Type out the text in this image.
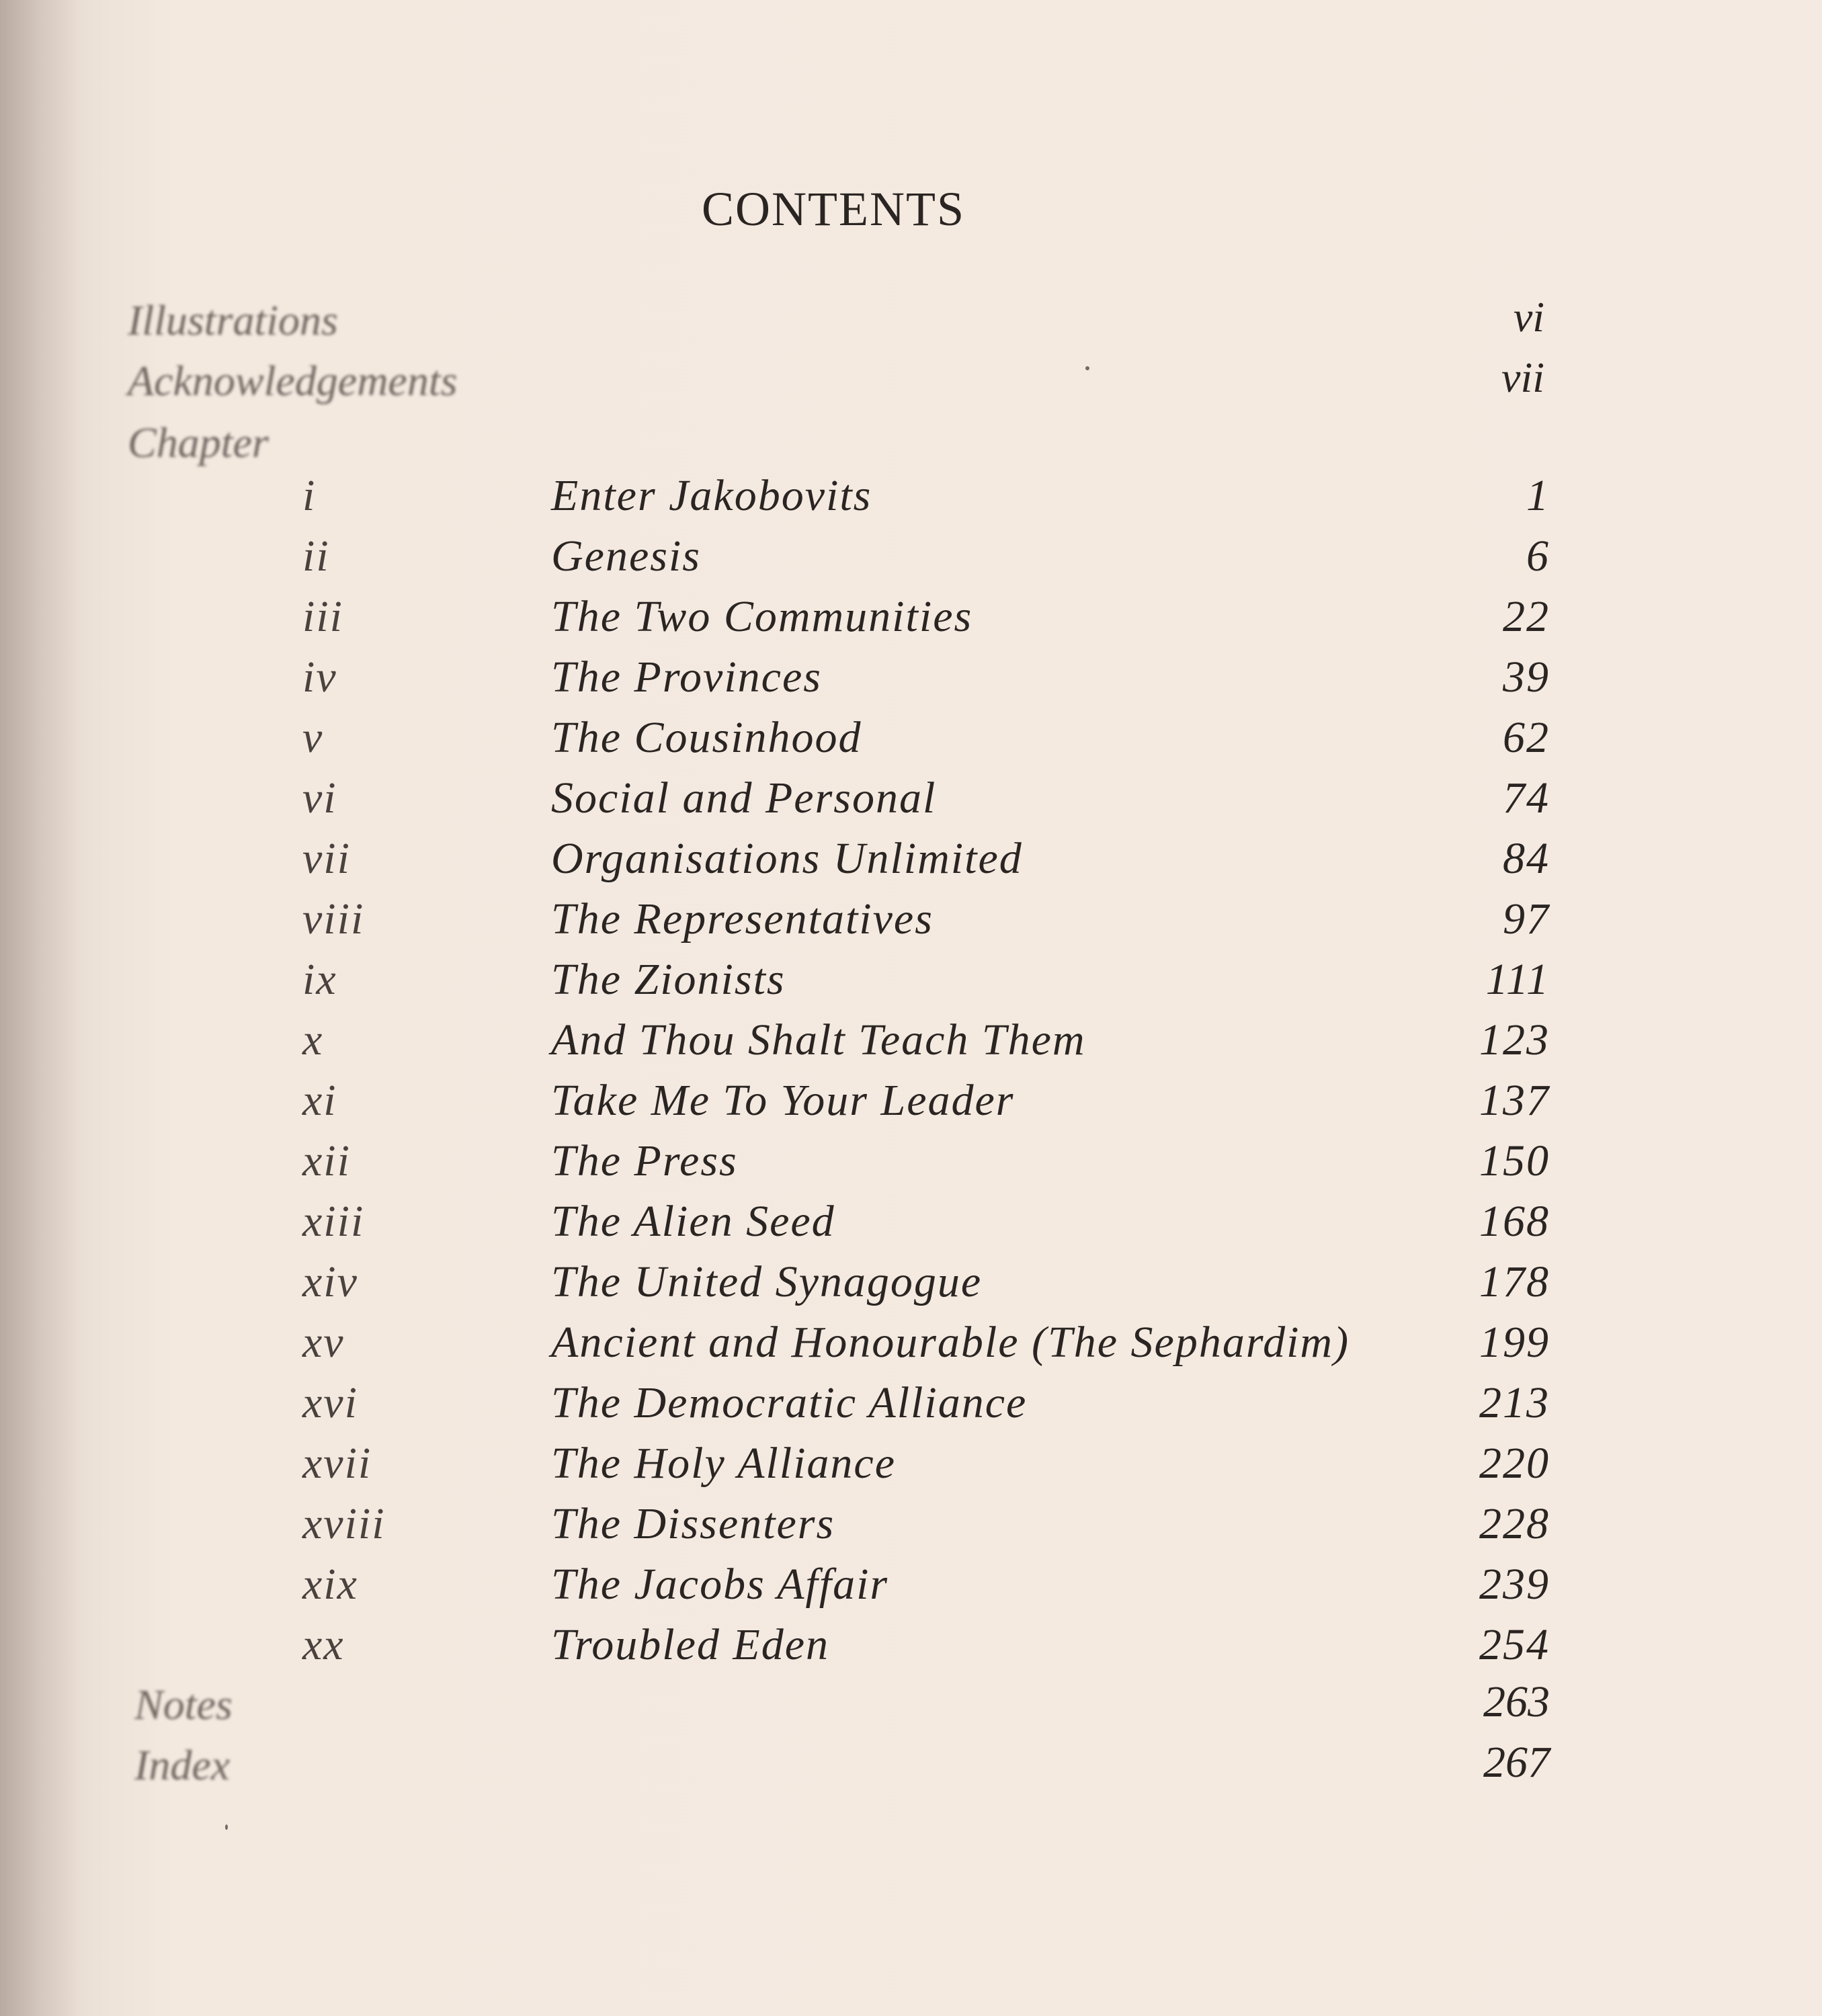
CONTENTS
Illustrations	vi
Acknowledgements	vii
Chapter
i	Enter Jakobovits	1
ii	Genesis	6
iii	The Two Communities	22
iv	The Provinces	39
v	The Cousinhood	62
vi	Social and Personal	74
vii	Organisations Unlimited	84
viii	The Representatives	97
ix	The Zionists	111
x	And Thou Shalt Teach Them	123
xi	Take Me To Your Leader	137
xii	The Press	150
xiii	The Alien Seed	168
xiv	The United Synagogue	178
xv	Ancient and Honourable (The Sephardim)	199
xvi	The Democratic Alliance	213
xvii	The Holy Alliance	220
xviii	The Dissenters	228
xix	The Jacobs Affair	239
xx	Troubled Eden	254
Notes	263
Index	267
